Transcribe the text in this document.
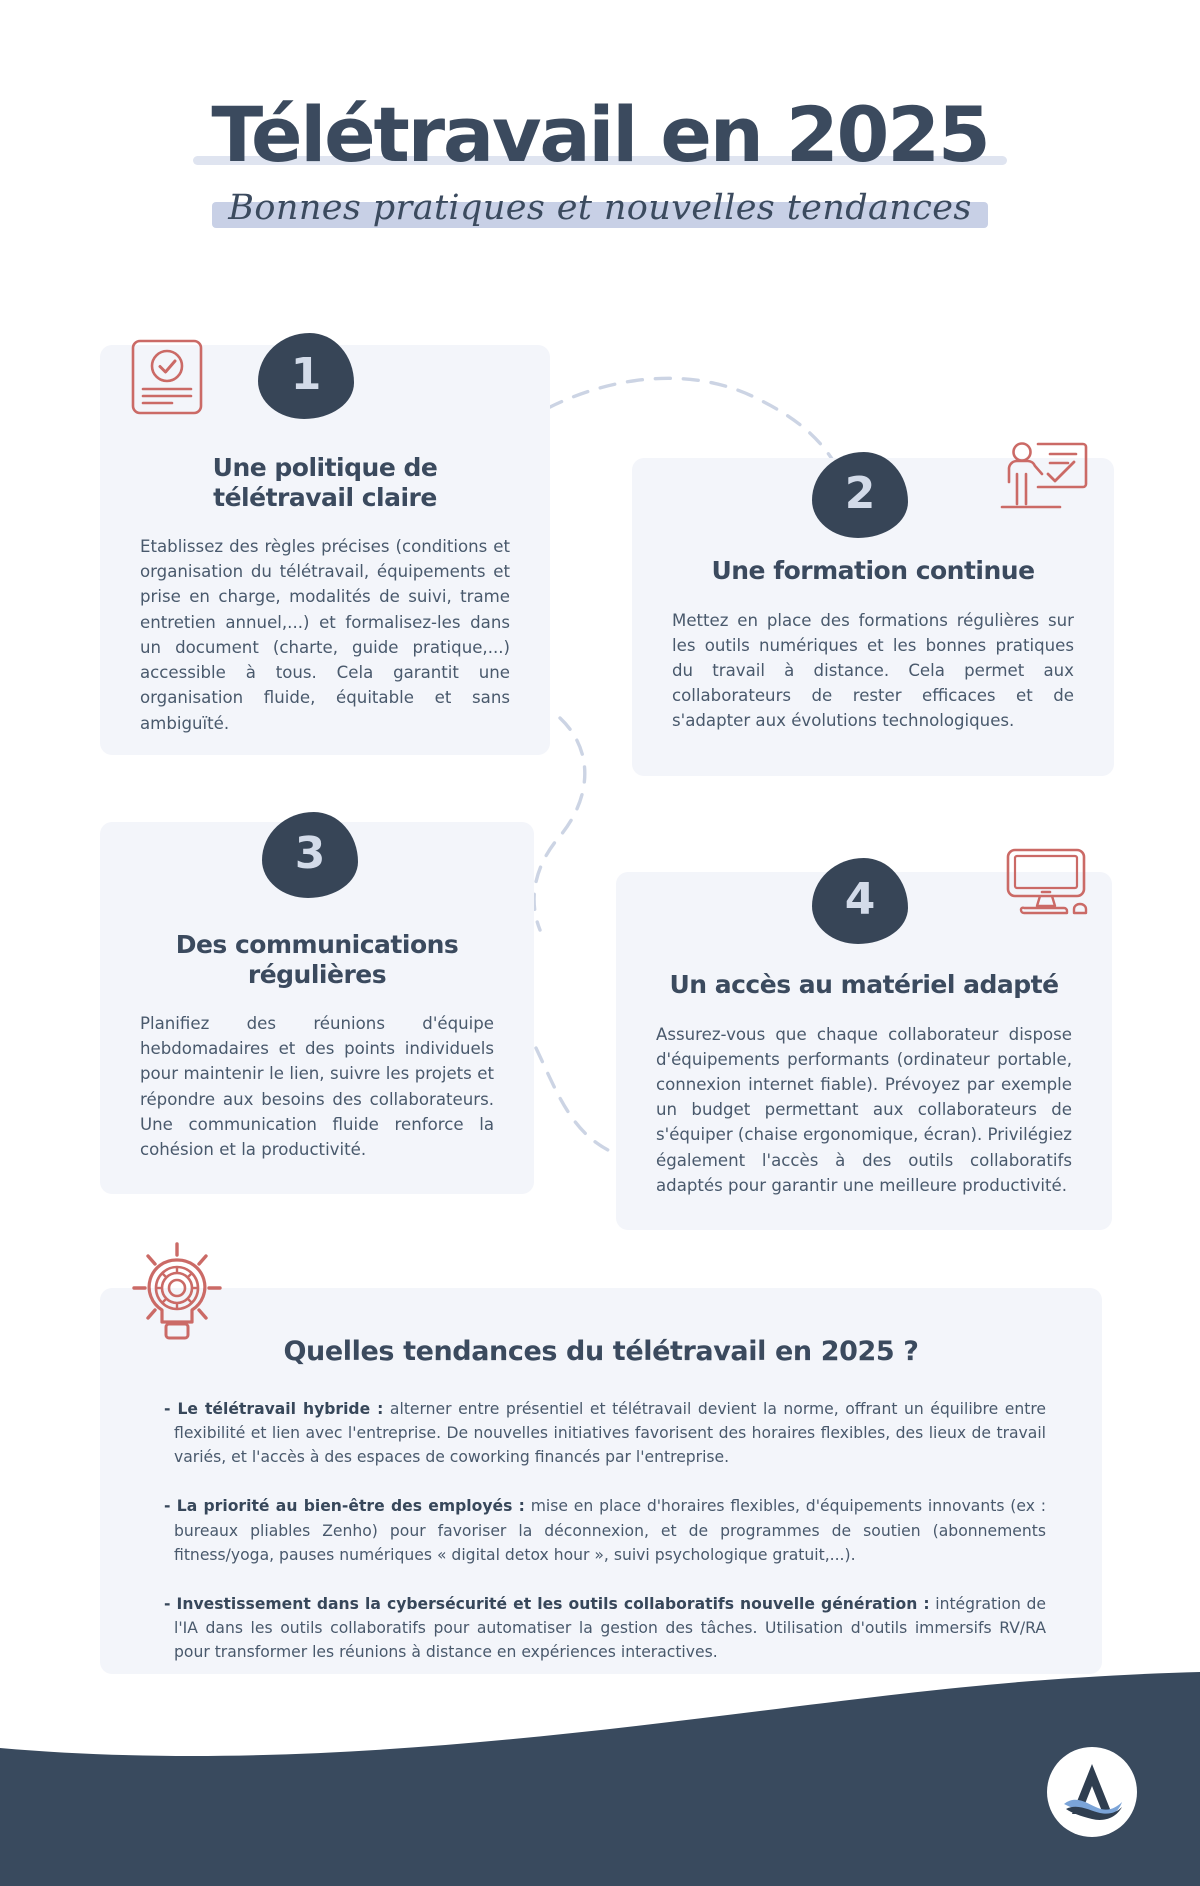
Télétravail en 2025

Bonnes pratiques et nouvelles tendances

Une politique de télétravail claire

Etablissez des règles précises (conditions et organisation du télétravail, équipements et prise en charge, modalités de suivi, trame entretien annuel,...) et formalisez-les dans un document (charte, guide pratique,...) accessible à tous. Cela garantit une organisation fluide, équitable et sans ambiguïté.

1
Une formation continue

Mettez en place des formations régulières sur les outils numériques et les bonnes pratiques du travail à distance. Cela permet aux collaborateurs de rester efficaces et de s'adapter aux évolutions technologiques.

2
Des communications régulières

Planifiez des réunions d'équipe hebdomadaires et des points individuels pour maintenir le lien, suivre les projets et répondre aux besoins des collaborateurs. Une communication fluide renforce la cohésion et la productivité.

3
Un accès au matériel adapté

Assurez-vous que chaque collaborateur dispose d'équipements performants (ordinateur portable, connexion internet fiable). Prévoyez par exemple un budget permettant aux collaborateurs de s'équiper (chaise ergonomique, écran). Privilégiez également l'accès à des outils collaboratifs adaptés pour garantir une meilleure productivité.

4
Quelles tendances du télétravail en 2025 ?

- Le télétravail hybride : alterner entre présentiel et télétravail devient la norme, offrant un équilibre entre flexibilité et lien avec l'entreprise. De nouvelles initiatives favorisent des horaires flexibles, des lieux de travail variés, et l'accès à des espaces de coworking financés par l'entreprise.

- La priorité au bien-être des employés : mise en place d'horaires flexibles, d'équipements innovants (ex : bureaux pliables Zenho) pour favoriser la déconnexion, et de programmes de soutien (abonnements fitness/yoga, pauses numériques « digital detox hour », suivi psychologique gratuit,...).

- Investissement dans la cybersécurité et les outils collaboratifs nouvelle génération : intégration de l'IA dans les outils collaboratifs pour automatiser la gestion des tâches. Utilisation d'outils immersifs RV/RA pour transformer les réunions à distance en expériences interactives.
